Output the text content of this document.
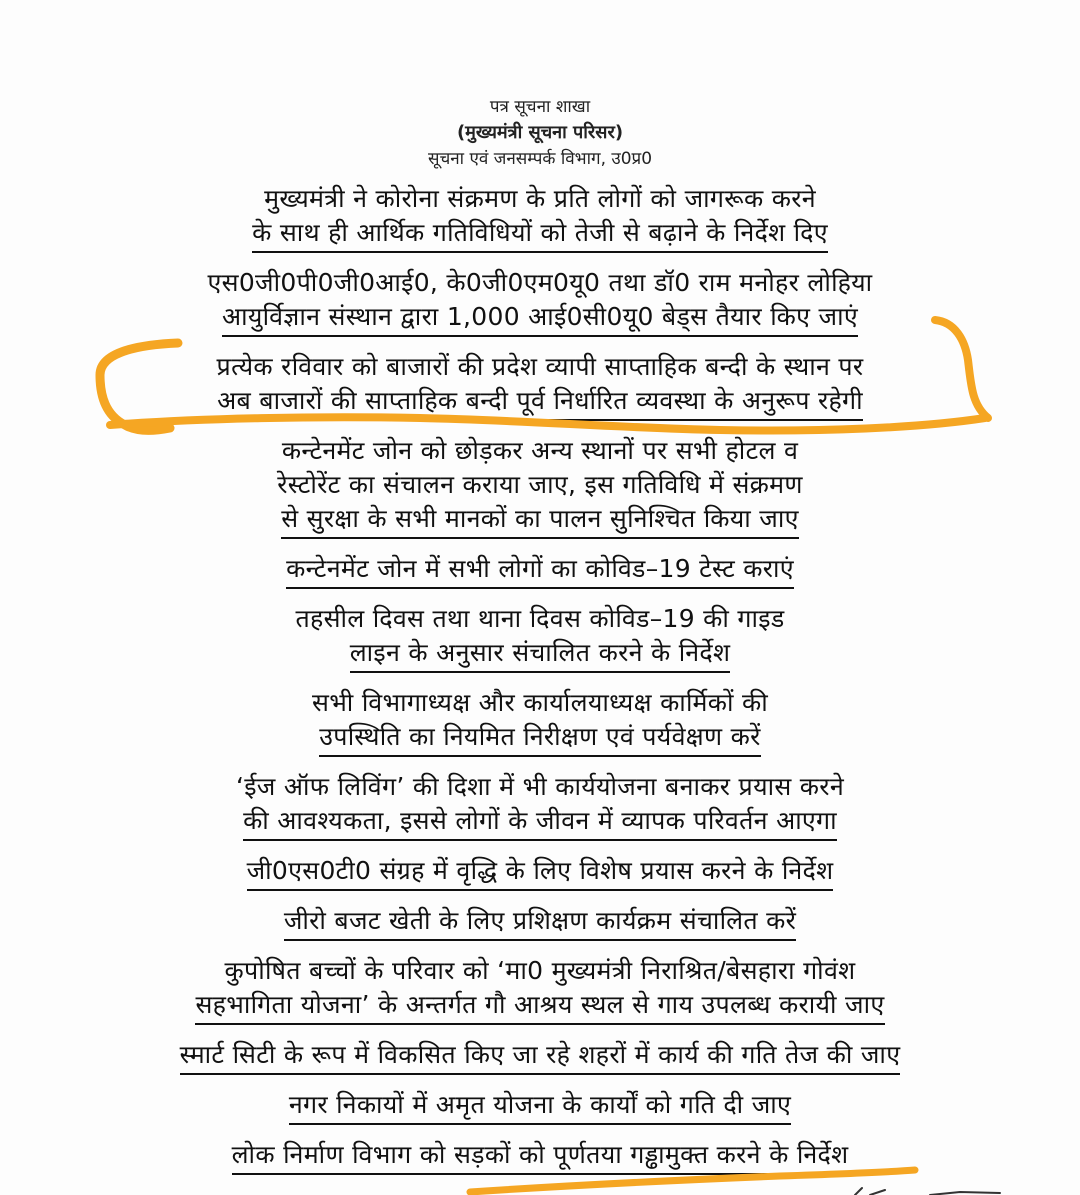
पत्र सूचना शाखा
(मुख्यमंत्री सूचना परिसर)
सूचना एवं जनसम्पर्क विभाग, उ0प्र0
मुख्यमंत्री ने कोरोना संक्रमण के प्रति लोगों को जागरूक करने
के साथ ही आर्थिक गतिविधियों को तेजी से बढ़ाने के निर्देश दिए
एस0जी0पी0जी0आई0, के0जी0एम0यू0 तथा डॉ0 राम मनोहर लोहिया
आयुर्विज्ञान संस्थान द्वारा 1,000 आई0सी0यू0 बेड्स तैयार किए जाएं
प्रत्येक रविवार को बाजारों की प्रदेश व्यापी साप्ताहिक बन्दी के स्थान पर
अब बाजारों की साप्ताहिक बन्दी पूर्व निर्धारित व्यवस्था के अनुरूप रहेगी
कन्टेनमेंट जोन को छोड़कर अन्य स्थानों पर सभी होटल व
रेस्टोरेंट का संचालन कराया जाए, इस गतिविधि में संक्रमण
से सुरक्षा के सभी मानकों का पालन सुनिश्चित किया जाए
कन्टेनमेंट जोन में सभी लोगों का कोविड–19 टेस्ट कराएं
तहसील दिवस तथा थाना दिवस कोविड–19 की गाइड
लाइन के अनुसार संचालित करने के निर्देश
सभी विभागाध्यक्ष और कार्यालयाध्यक्ष कार्मिकों की
उपस्थिति का नियमित निरीक्षण एवं पर्यवेक्षण करें
‘ईज ऑफ लिविंग’ की दिशा में भी कार्ययोजना बनाकर प्रयास करने
की आवश्यकता, इससे लोगों के जीवन में व्यापक परिवर्तन आएगा
जी0एस0टी0 संग्रह में वृद्धि के लिए विशेष प्रयास करने के निर्देश
जीरो बजट खेती के लिए प्रशिक्षण कार्यक्रम संचालित करें
कुपोषित बच्चों के परिवार को ‘मा0 मुख्यमंत्री निराश्रित/बेसहारा गोवंश
सहभागिता योजना’ के अन्तर्गत गौ आश्रय स्थल से गाय उपलब्ध करायी जाए
स्मार्ट सिटी के रूप में विकसित किए जा रहे शहरों में कार्य की गति तेज की जाए
नगर निकायों में अमृत योजना के कार्यों को गति दी जाए
लोक निर्माण विभाग को सड़कों को पूर्णतया गड्ढामुक्त करने के निर्देश
